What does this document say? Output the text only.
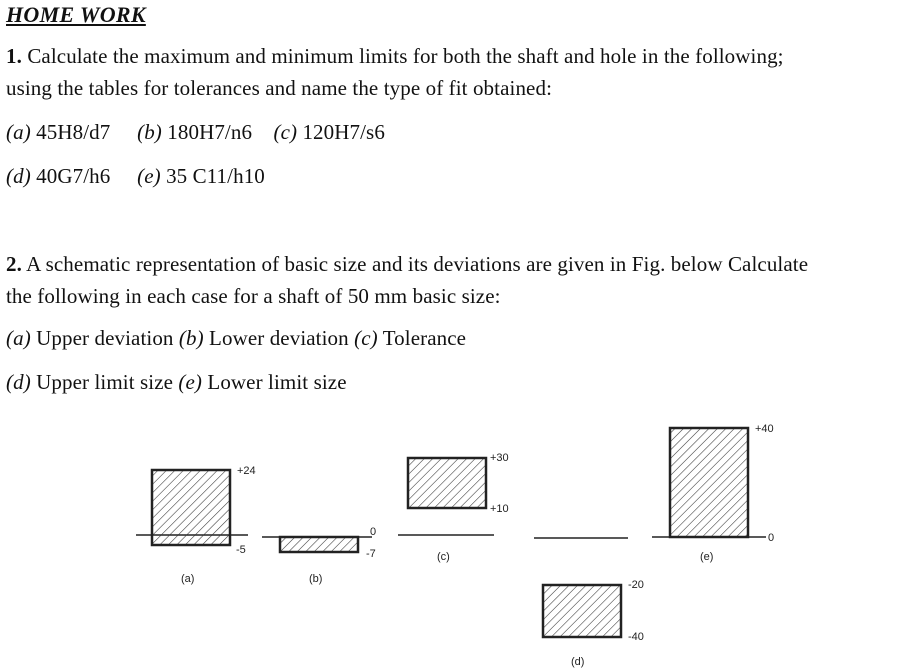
HOME WORK
1. Calculate the maximum and minimum limits for both the shaft and hole in the following;
using the tables for tolerances and name the type of fit obtained:
(a) 45H8/d7 (b) 180H7/n6 (c) 120H7/s6
(d) 40G7/h6 (e) 35 C11/h10
2. A schematic representation of basic size and its deviations are given in Fig. below Calculate
the following in each case for a shaft of 50 mm basic size:
(a) Upper deviation (b) Lower deviation (c) Tolerance
(d) Upper limit size (e) Lower limit size
+24
-5
(a)
0
-7
(b)
+30
+10
(c)
-20
-40
(d)
+40
0
(e)
